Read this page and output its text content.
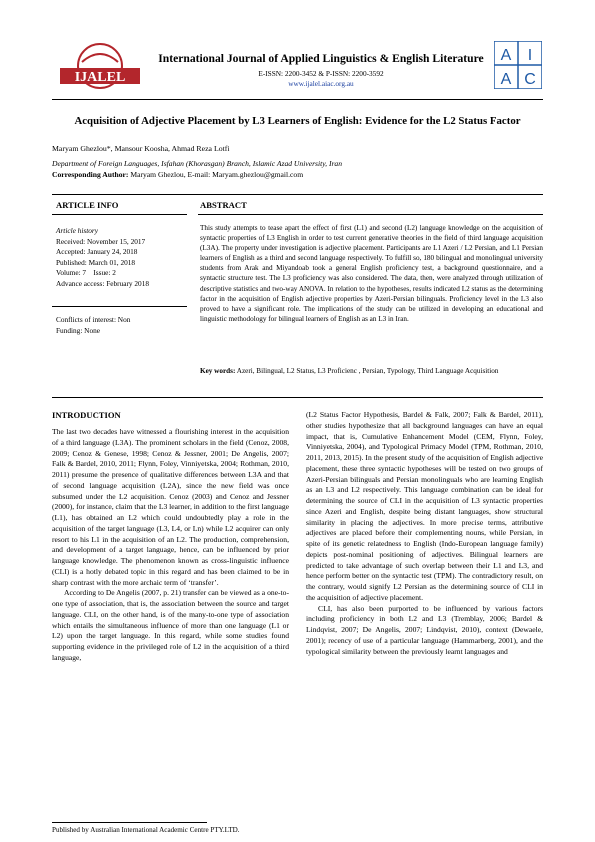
IJALEL
International Journal of Applied Linguistics & English Literature
E-ISSN: 2200-3452 & P-ISSN: 2200-3592
www.ijalel.aiac.org.au
A I
A C
Acquisition of Adjective Placement by L3 Learners of English: Evidence for the L2 Status Factor
Maryam Ghezlou*, Mansour Koosha, Ahmad Reza Lotfi
Department of Foreign Languages, Isfahan (Khorasgan) Branch, Islamic Azad University, Iran
Corresponding Author: Maryam Ghezlou, E-mail: Maryam.ghezlou@gmail.com
ARTICLE INFO	ABSTRACT
Article history
Received: November 15, 2017
Accepted: January 24, 2018
Published: March 01, 2018
Volume: 7    Issue: 2
Advance access: February 2018
Conflicts of interest: Non
Funding: None
This study attempts to tease apart the effect of first (L1) and second (L2) language knowledge on the acquisition of syntactic properties of L3 English in order to test current generative theories in the field of third language acquisition (L3A). The property under investigation is adjective placement. Participants are L1 Azeri / L2 Persian, and L1 Persian learners of English as a third and second language respectively. To fulfill so, 180 bilingual and monolingual university students from Arak and Miyandoab took a general English proficiency test, a background questionnaire, and a syntactic structure test. The L3 proficiency was also considered. The data, then, were analyzed through utilization of descriptive statistics and two-way ANOVA. In relation to the hypotheses, results indicated L2 status as the determining factor in the acquisition of English adjective properties by Azeri-Persian bilinguals. Proficiency level in the L3 also proved to have a significant role. The implications of the study can be utilized in developing an educational and linguistic methodology for bilingual learners of English as an L3 in Iran.
Key words: Azeri, Bilingual, L2 Status, L3 Proficienc , Persian, Typology, Third Language Acquisition
INTRODUCTION

The last two decades have witnessed a flourishing interest in the acquisition of a third language (L3A). The prominent scholars in the field (Cenoz, 2008, 2009; Cenoz & Genese, 1998; Cenoz & Jessner, 2001; De Angelis, 2007; Falk & Bardel, 2010, 2011; Flynn, Foley, Vinniyetska, 2004; Rothman, 2010, 2011) presume the presence of qualitative differences between L3A and that of second language acquisition (L2A), since the new field was once subsumed under the L2 acquisition. Cenoz (2003) and Cenoz and Jessner (2000), for instance, claim that the L3 learner, in addition to the first language (L1), has obtained an L2 which could undoubtedly play a role in the acquisition of the target language (L3, L4, or Ln) while L2 acquirer can only resort to his L1 in the acquisition of an L2. The production, comprehension, and development of a target language, hence, can be influenced by prior language knowledge. The phenomenon known as cross-linguistic influence (CLI) is a hotly debated topic in this regard and has been claimed to be in sharp contrast with the more archaic term of ‘transfer’.

According to De Angelis (2007, p. 21) transfer can be viewed as a one-to-one type of association, that is, the association between the source and target language. CLI, on the other hand, is of the many-to-one type of association which entails the simultaneous influence of more than one language (L1 or L2) upon the target language. In this regard, while some studies found supporting evidence in the privileged role of L2 in the acquisition of a third language,

(L2 Status Factor Hypothesis, Bardel & Falk, 2007; Falk & Bardel, 2011), other studies hypothesize that all background languages can have an equal impact, that is, Cumulative Enhancement Model (CEM, Flynn, Foley, Vinniyetska, 2004), and Typological Primacy Model (TPM, Rothman, 2010, 2011, 2013, 2015). In the present study of the acquisition of English adjective placement, these three syntactic hypotheses will be tested on two groups of Azeri-Persian bilinguals and Persian monolinguals who are learning English as an L3 and L2 respectively. This language combination can be ideal for determining the source of CLI in the acquisition of L3 syntactic properties since Azeri and English, despite being distant languages, show structural similarity in placing the adjectives. In more precise terms, attributive adjectives are placed before their complementing nouns, while Persian, in spite of its genetic relatedness to English (Indo-European language family) depicts post-nominal positioning of adjectives. Bilingual learners are predicted to take advantage of such overlap between their L1 and L3, and hence perform better on the syntactic test (TPM). The contradictory result, on the contrary, would signify L2 Persian as the determining source of CLI in the acquisition of adjective placement.

CLI, has also been purported to be influenced by various factors including proficiency in both L2 and L3 (Tremblay, 2006; Bardel & Lindqvist, 2007; De Angelis, 2007; Lindqvist, 2010), context (Dewaele, 2001); recency of use of a particular language (Hammarberg, 2001), and the typological similarity between the previously learnt languages and

Published by Australian International Academic Centre PTY.LTD.
